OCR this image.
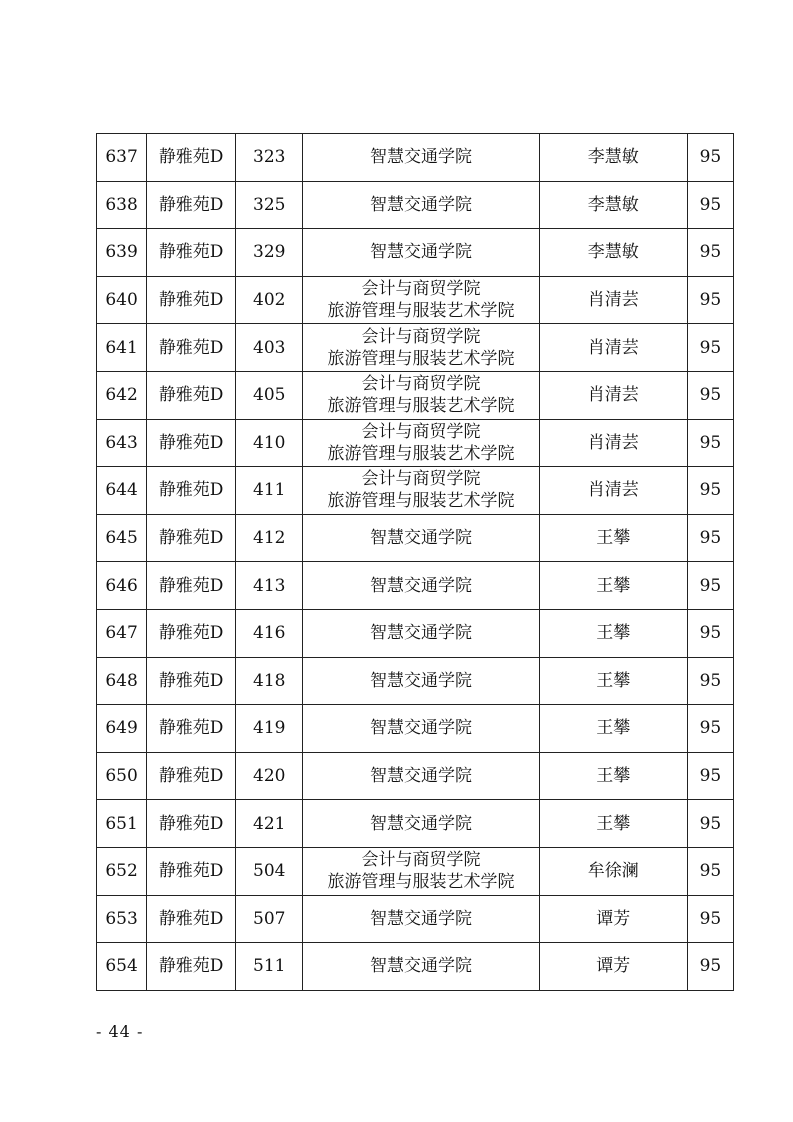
637	静雅苑D	323	智慧交通学院	李慧敏	95
638	静雅苑D	325	智慧交通学院	李慧敏	95
639	静雅苑D	329	智慧交通学院	李慧敏	95
640	静雅苑D	402	会计与商贸学院
旅游管理与服装艺术学院	肖清芸	95
641	静雅苑D	403	会计与商贸学院
旅游管理与服装艺术学院	肖清芸	95
642	静雅苑D	405	会计与商贸学院
旅游管理与服装艺术学院	肖清芸	95
643	静雅苑D	410	会计与商贸学院
旅游管理与服装艺术学院	肖清芸	95
644	静雅苑D	411	会计与商贸学院
旅游管理与服装艺术学院	肖清芸	95
645	静雅苑D	412	智慧交通学院	王攀	95
646	静雅苑D	413	智慧交通学院	王攀	95
647	静雅苑D	416	智慧交通学院	王攀	95
648	静雅苑D	418	智慧交通学院	王攀	95
649	静雅苑D	419	智慧交通学院	王攀	95
650	静雅苑D	420	智慧交通学院	王攀	95
651	静雅苑D	421	智慧交通学院	王攀	95
652	静雅苑D	504	会计与商贸学院
旅游管理与服装艺术学院	牟徐澜	95
653	静雅苑D	507	智慧交通学院	谭芳	95
654	静雅苑D	511	智慧交通学院	谭芳	95
- 44 -
